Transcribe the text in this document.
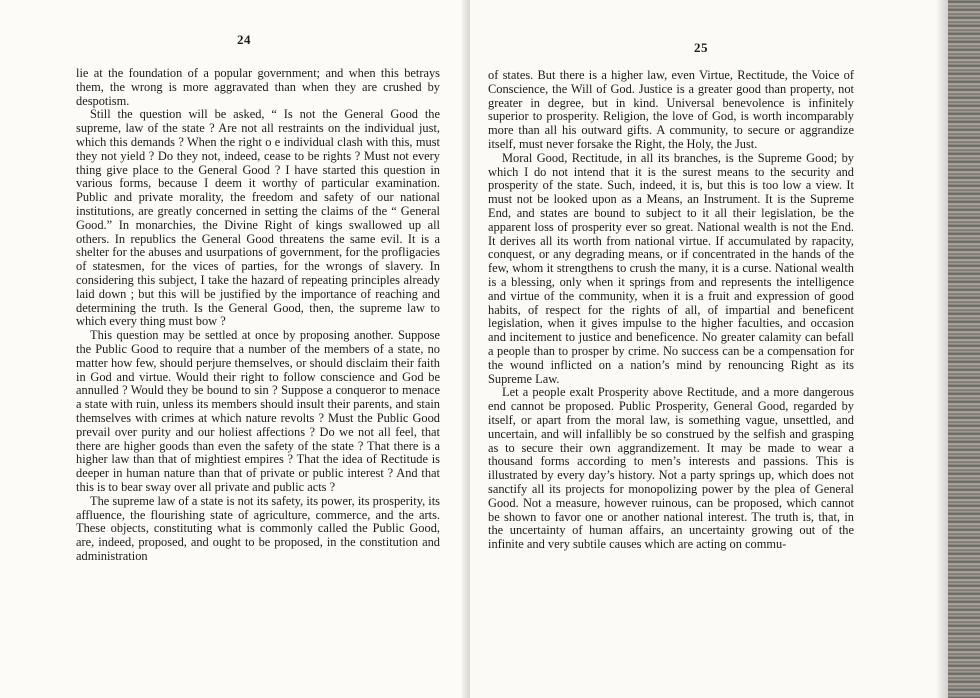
24

lie at the foundation of a popular government; and when this betrays them, the wrong is more aggravated than when they are crushed by despotism.

Still the question will be asked, “ Is not the General Good the supreme, law of the state ? Are not all restraints on the individual just, which this demands ? When the right o e individual clash with this, must they not yield ? Do they not, indeed, cease to be rights ? Must not every thing give place to the General Good ? I have started this question in various forms, because I deem it worthy of particular examination. Public and private morality, the freedom and safety of our national institutions, are greatly concerned in setting the claims of the “ General Good.” In monarchies, the Divine Right of kings swallowed up all others. In republics the General Good threatens the same evil. It is a shelter for the abuses and usurpations of government, for the profligacies of statesmen, for the vices of parties, for the wrongs of slavery. In considering this subject, I take the hazard of repeating principles already laid down ; but this will be justified by the importance of reaching and determining the truth. Is the General Good, then, the supreme law to which every thing must bow ?

This question may be settled at once by proposing another. Suppose the Public Good to require that a number of the members of a state, no matter how few, should perjure themselves, or should disclaim their faith in God and virtue. Would their right to follow conscience and God be annulled ? Would they be bound to sin ? Suppose a conqueror to menace a state with ruin, unless its members should insult their parents, and stain themselves with crimes at which nature revolts ? Must the Public Good prevail over purity and our holiest affections ? Do we not all feel, that there are higher goods than even the safety of the state ? That there is a higher law than that of mightiest empires ? That the idea of Rectitude is deeper in human nature than that of private or public interest ? And that this is to bear sway over all private and public acts ?

The supreme law of a state is not its safety, its power, its prosperity, its affluence, the flourishing state of agriculture, commerce, and the arts. These objects, constituting what is commonly called the Public Good, are, indeed, proposed, and ought to be proposed, in the constitution and administration

25

of states. But there is a higher law, even Virtue, Rectitude, the Voice of Conscience, the Will of God. Justice is a greater good than property, not greater in degree, but in kind. Universal benevolence is infinitely superior to prosperity. Religion, the love of God, is worth incomparably more than all his outward gifts. A community, to secure or aggrandize itself, must never forsake the Right, the Holy, the Just.

Moral Good, Rectitude, in all its branches, is the Supreme Good; by which I do not intend that it is the surest means to the security and prosperity of the state. Such, indeed, it is, but this is too low a view. It must not be looked upon as a Means, an Instrument. It is the Supreme End, and states are bound to subject to it all their legislation, be the apparent loss of prosperity ever so great. National wealth is not the End. It derives all its worth from national virtue. If accumulated by rapacity, conquest, or any degrading means, or if concentrated in the hands of the few, whom it strengthens to crush the many, it is a curse. National wealth is a blessing, only when it springs from and represents the intelligence and virtue of the community, when it is a fruit and expression of good habits, of respect for the rights of all, of impartial and beneficent legislation, when it gives impulse to the higher faculties, and occasion and incitement to justice and beneficence. No greater calamity can befall a people than to prosper by crime. No success can be a compensation for the wound inflicted on a nation’s mind by renouncing Right as its Supreme Law.

Let a people exalt Prosperity above Rectitude, and a more dangerous end cannot be proposed. Public Prosperity, General Good, regarded by itself, or apart from the moral law, is something vague, unsettled, and uncertain, and will infallibly be so construed by the selfish and grasping as to secure their own aggrandizement. It may be made to wear a thousand forms according to men’s interests and passions. This is illustrated by every day’s history. Not a party springs up, which does not sanctify all its projects for monopolizing power by the plea of General Good. Not a measure, however ruinous, can be proposed, which cannot be shown to favor one or another national interest. The truth is, that, in the uncertainty of human affairs, an uncertainty growing out of the infinite and very subtile causes which are acting on commu-
